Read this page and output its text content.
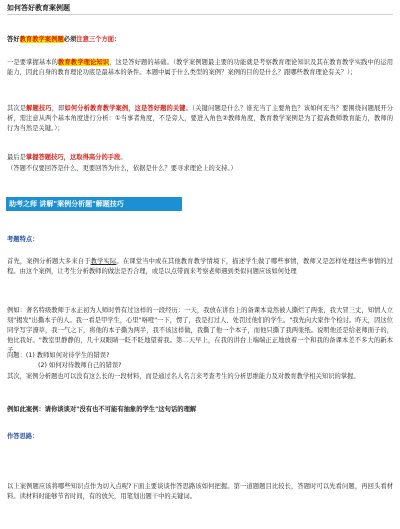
如何答好教育案例题
答好教育教学案例题必须注意三个方面：
一是要掌握基本的教育教学理论知识，这是答好题的基础。（教学案例题最主要的功能就是考察教育理论知识及其在教育教学实践中的运用能力，因此自身的教育理论功底是最基本的条件。本题中属于什么类型的案例？案例的目的是什么？跟哪些教育理论有关？）；
其次是解题技巧，即如何分析教育教学案例，这是答好题的关键。（关键问题是什么？谁充当了主要角色？该如何充当？要围绕问题展开分析，需注意从两个基本角度进行分析：①当事者角度，不是旁人，要进入角色②教师角度，教育教学案例是为了提高教师教育能力，教师的行为当然是关键。）；
最后是掌握答题技巧，这取得高分的手段。
（答题不仅要回答是什么，更要回答为什么，依据是什么？要寻求理论上的支持。）
助考之师 讲解"案例分析题"解题技巧
考题特点：
首先，案例分析题大多来自于教学实际。在课堂当中或在其他教育教学情境下，描述学生做了哪些事情，教师又是怎样处理这些事情的过程。由这个案例，让考生分析教师的做法是否合理，或是以点带面来考察老师遇到类似问题应该如何处理
例如：著名特级教师于永正初为人师时曾有过这样的一段经历：一天，我放在讲台上的备课本竟然被人撕烂了两张，我大冒三丈，知情人立刻"揭发"出撕本子的人。我一看是甲学生，心里"咯噔"一下，愣了，我是打过人、处罚过他们的学生。"我先向大家作个检讨。昨天，因这位同学写字潦草，我一气之下，将他的本子撕为两半，我不该这样做，我撕了他一个本子，而他只撕了我两张纸。说明他还是给老师面子的，他比我好。"教室里静静的，几十双眼睛一眨不眨地望着我。第二天早上，在我的讲台上端端正正地放着一个和我的备课本差不多大的新本子。
问题：(1) 教师如何对待学生的错误?
(2) 如何对待教师自己的错误?
其次，案例分析题也可以没有这么长的一段材料，而是通过名人名言来考查考生的分析思维能力及对教育教学相关知识的掌握。
例如此案例：请你谈谈对"没有也不可能有抽象的学生"这句话的理解
作答思路：
以上案例题应该将哪些知识点作为切入点呢?下面主要谈谈作答思路该如何把握。第一道题题目比较长，答题时可以先看问题，再回头看材料。读材料时能够节省时间，有的放矢，用笔划出题干中的关键词。
